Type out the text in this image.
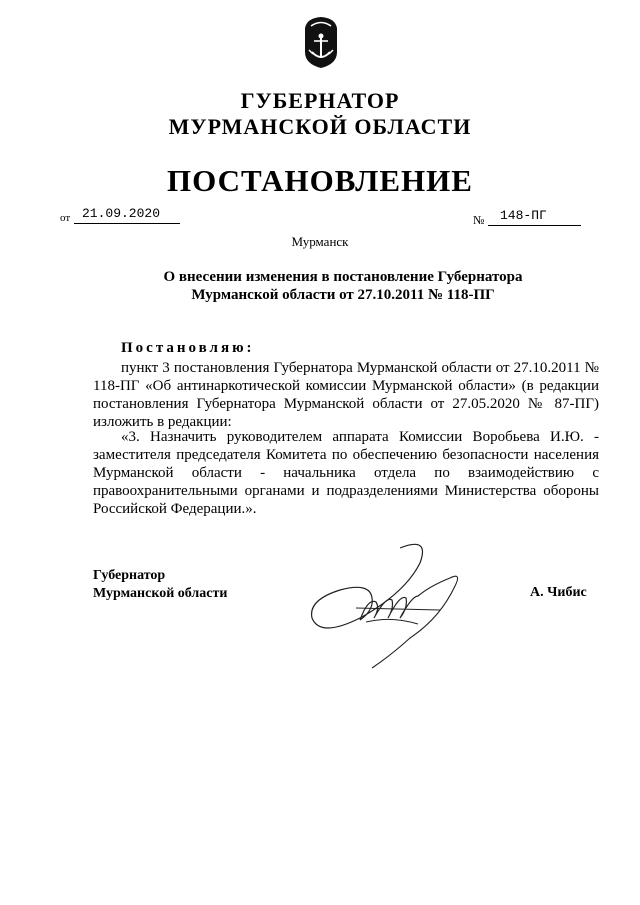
ГУБЕРНАТОР
МУРМАНСКОЙ ОБЛАСТИ
ПОСТАНОВЛЕНИЕ
от 21.09.2020	№	148-ПГ
Мурманск
О внесении изменения в постановление Губернатора
Мурманской области от 27.10.2011 № 118-ПГ
Постановляю:
пункт 3 постановления Губернатора Мурманской области от 27.10.2011 № 118-ПГ «Об антинаркотической комиссии Мурманской области» (в редакции постановления Губернатора Мурманской области от 27.05.2020 № 87-ПГ) изложить в редакции:
«3. Назначить руководителем аппарата Комиссии Воробьева И.Ю. - заместителя председателя Комитета по обеспечению безопасности населения Мурманской области - начальника отдела по взаимодействию с правоохранительными органами и подразделениями Министерства обороны Российской Федерации.».
Губернатор
Мурманской области	А. Чибис
